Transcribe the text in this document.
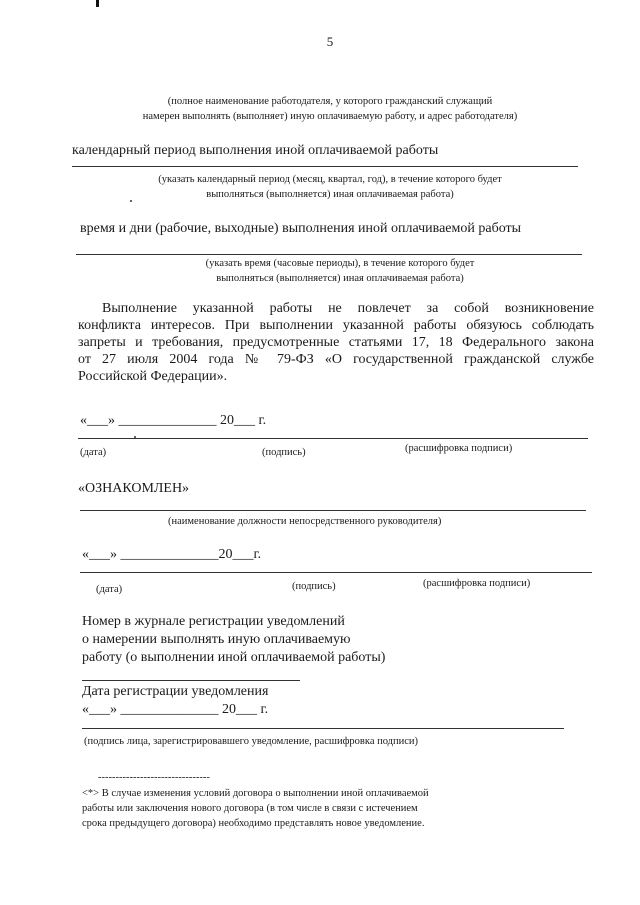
5
(полное наименование работодателя, у которого гражданский служащий
намерен выполнять (выполняет) иную оплачиваемую работу, и адрес работодателя)
календарный период выполнения иной оплачиваемой работы
(указать календарный период (месяц, квартал, год), в течение которого будет
выполняться (выполняется) иная оплачиваемая работа)
время и дни (рабочие, выходные) выполнения иной оплачиваемой работы
(указать время (часовые периоды), в течение которого будет
выполняться (выполняется) иная оплачиваемая работа)
Выполнение указанной работы не повлечет за собой возникновение
конфликта интересов. При выполнении указанной работы обязуюсь соблюдать
запреты и требования, предусмотренные статьями 17, 18 Федерального закона
от 27 июля 2004 года № 79-ФЗ «О государственной гражданской службе
Российской Федерации».
«___» ______________ 20___ г.
(дата)	(подпись)	(расшифровка подписи)
«ОЗНАКОМЛЕН»
(наименование должности непосредственного руководителя)
«___» ______________20___г.
(дата)	(подпись)	(расшифровка подписи)
Номер в журнале регистрации уведомлений
о намерении выполнять иную оплачиваемую
работу (о выполнении иной оплачиваемой работы)
Дата регистрации уведомления
«___» ______________ 20___ г.
(подпись лица, зарегистрировавшего уведомление, расшифровка подписи)
--------------------------------
<*> В случае изменения условий договора о выполнении иной оплачиваемой
работы или заключения нового договора (в том числе в связи с истечением
срока предыдущего договора) необходимо представлять новое уведомление.
